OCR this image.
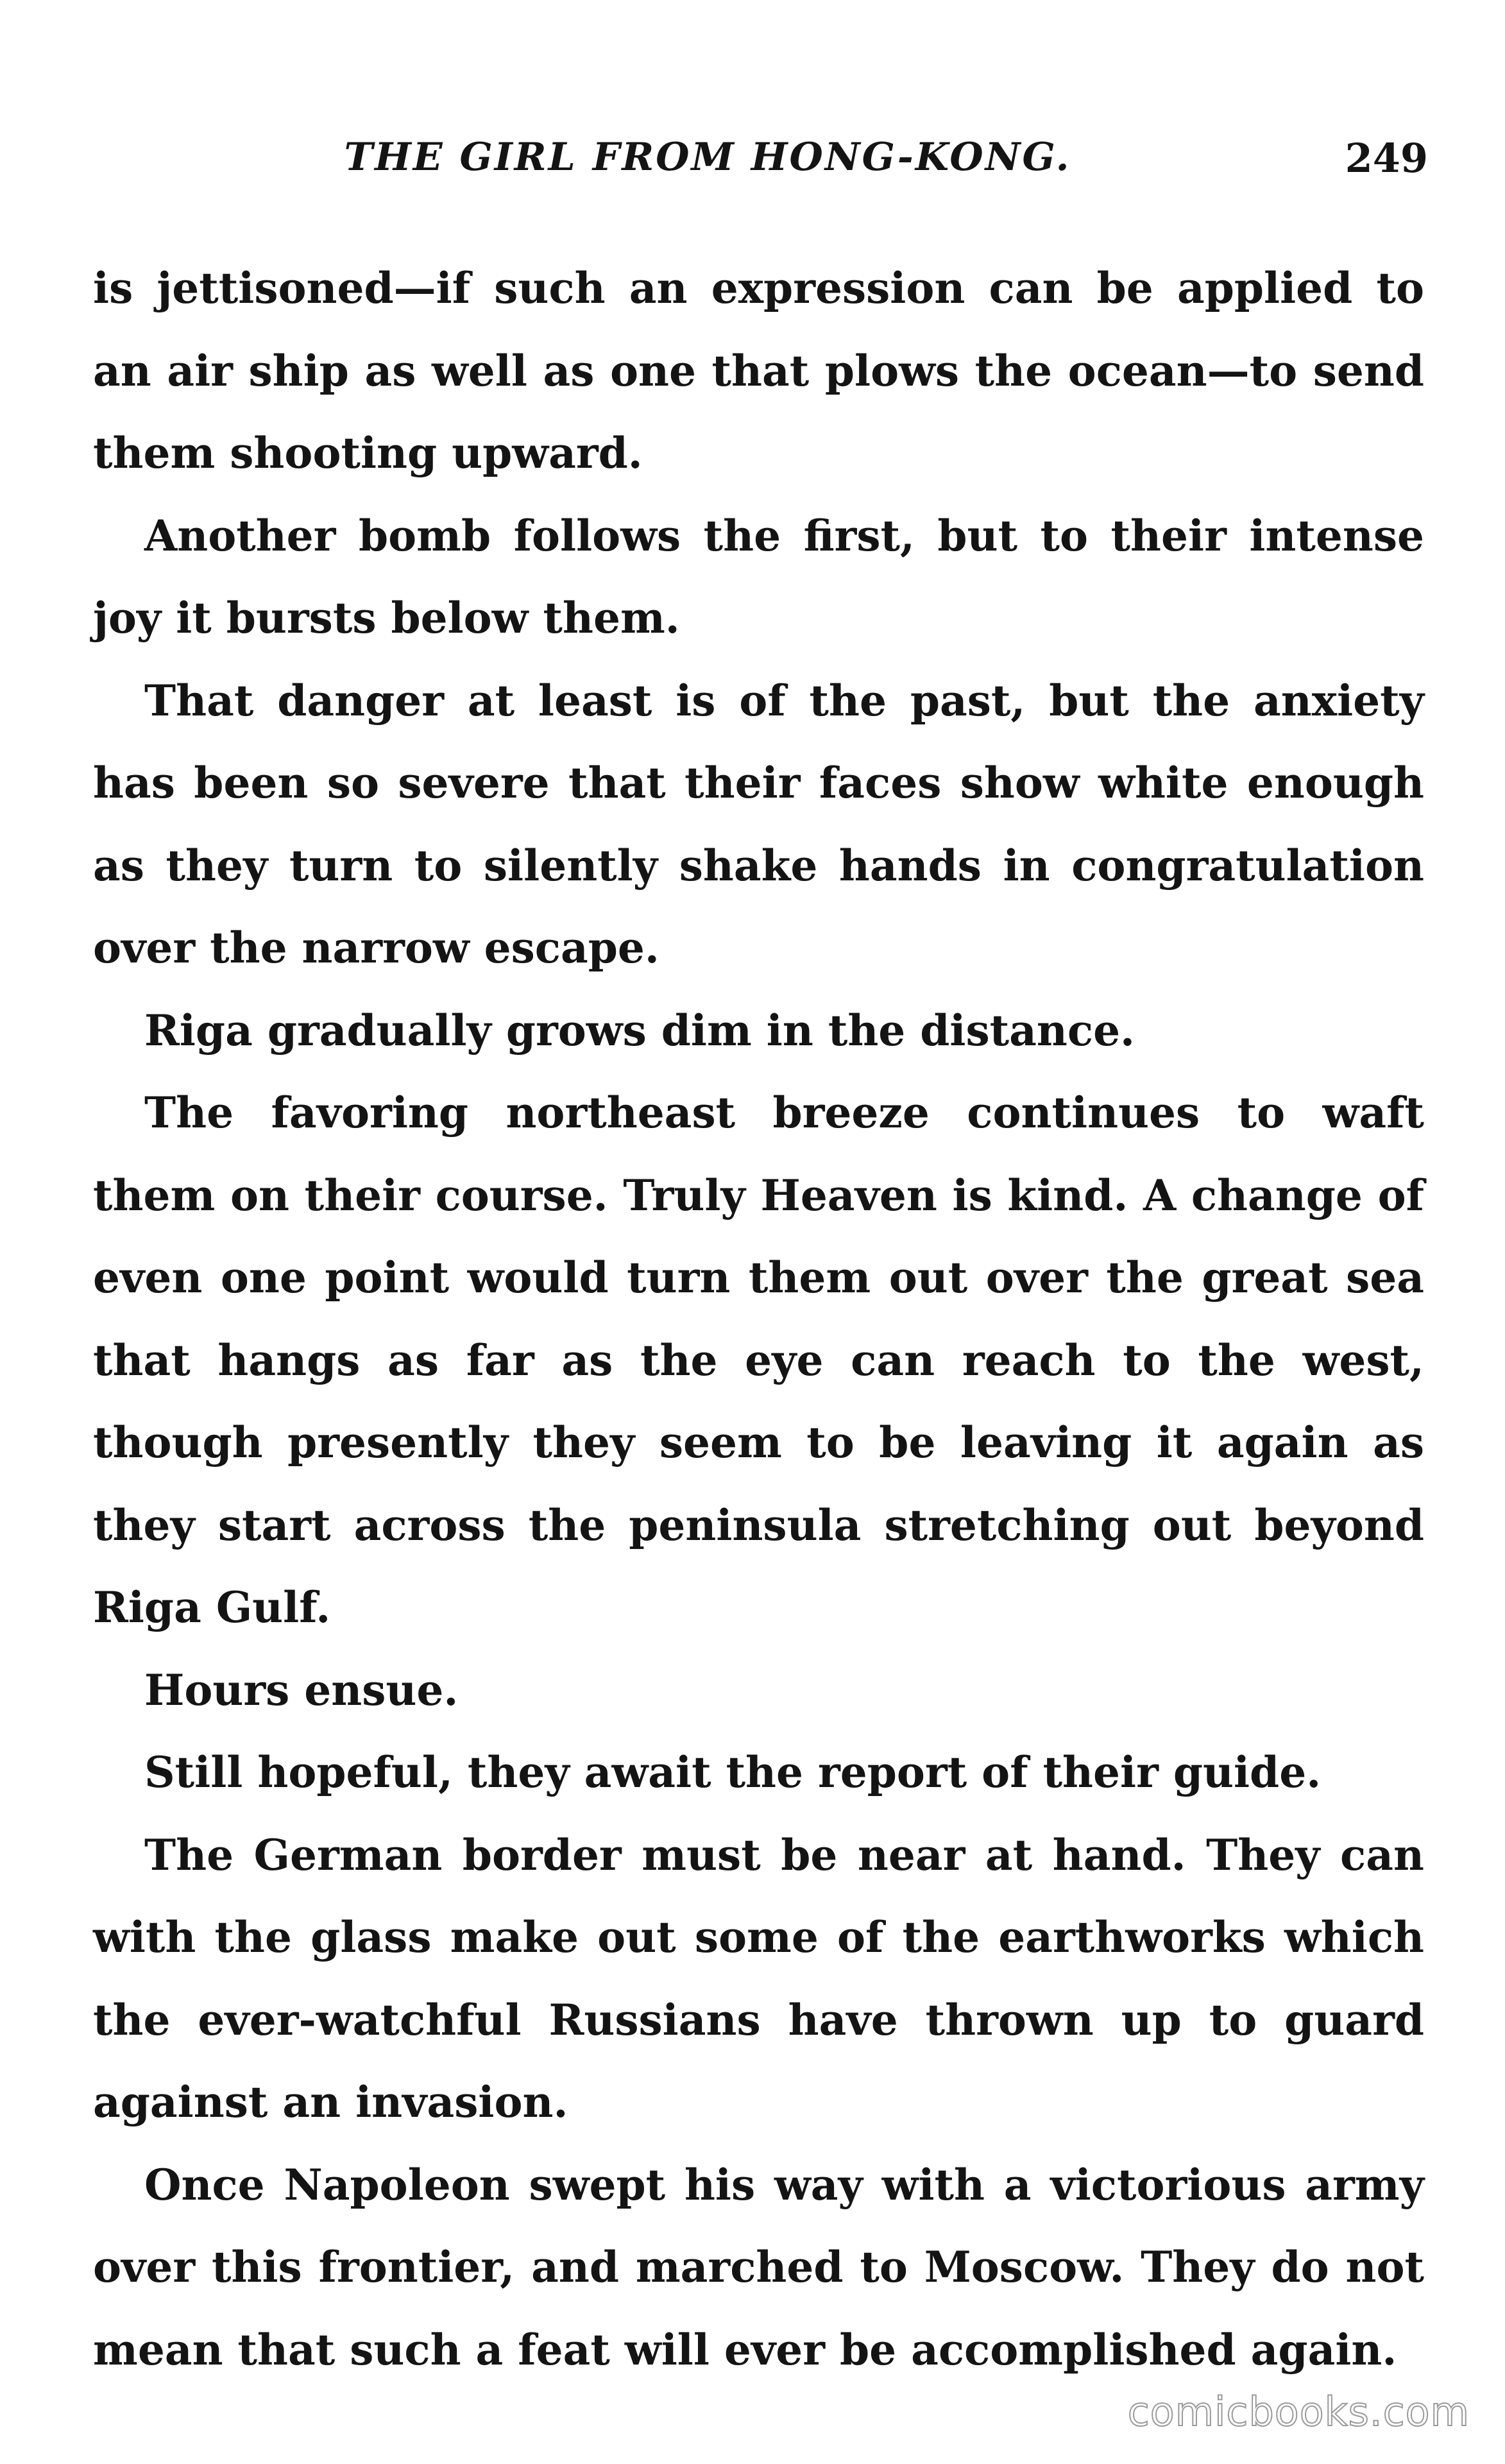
THE GIRL FROM HONG-KONG.	249

is jettisoned—if such an expression can be applied to an air ship as well as one that plows the ocean—to send them shooting upward.

Another bomb follows the first, but to their intense joy it bursts below them.

That danger at least is of the past, but the anxiety has been so severe that their faces show white enough as they turn to silently shake hands in congratulation over the narrow escape.

Riga gradually grows dim in the distance.

The favoring northeast breeze continues to waft them on their course. Truly Heaven is kind. A change of even one point would turn them out over the great sea that hangs as far as the eye can reach to the west, though presently they seem to be leaving it again as they start across the peninsula stretching out beyond Riga Gulf.

Hours ensue.

Still hopeful, they await the report of their guide.

The German border must be near at hand. They can with the glass make out some of the earthworks which the ever-watchful Russians have thrown up to guard against an invasion.

Once Napoleon swept his way with a victorious army over this frontier, and marched to Moscow. They do not mean that such a feat will ever be accomplished again.

comicbooks.com
